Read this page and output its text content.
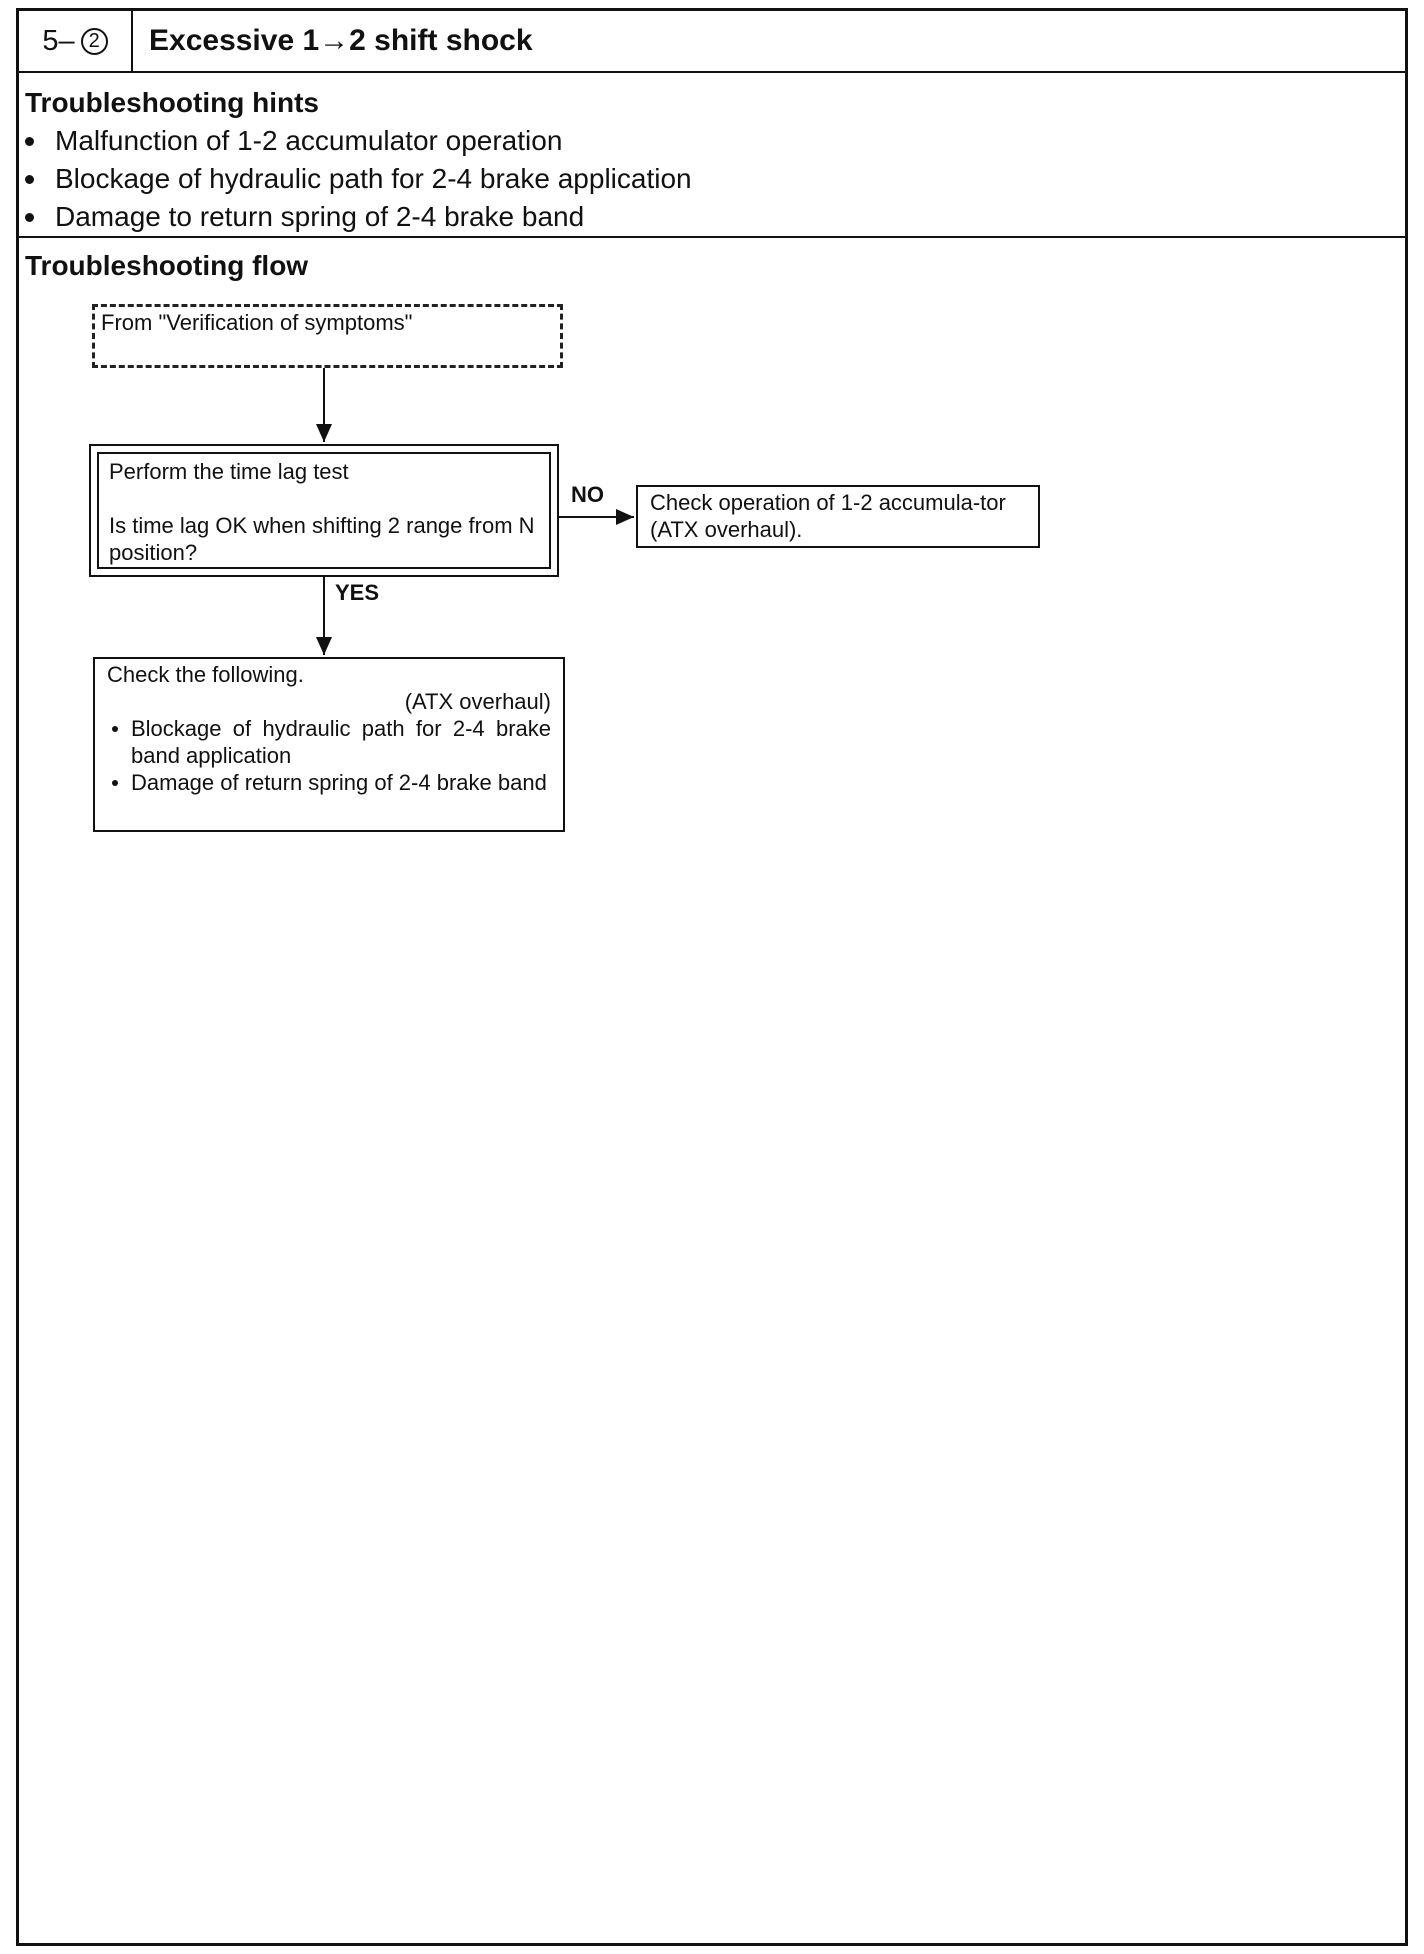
5– 2	Excessive 1→2 shift shock
Troubleshooting hints
Malfunction of 1-2 accumulator operation
Blockage of hydraulic path for 2-4 brake application
Damage to return spring of 2-4 brake band
Troubleshooting flow
From "Verification of symptoms"
Perform the time lag test
Is time lag OK when shifting 2 range from N position?
NO
YES
Check operation of 1-2 accumula-tor (ATX overhaul).
Check the following.
(ATX overhaul)
Blockage of hydraulic path for 2-4 brake band application
Damage of return spring of 2-4 brake band
